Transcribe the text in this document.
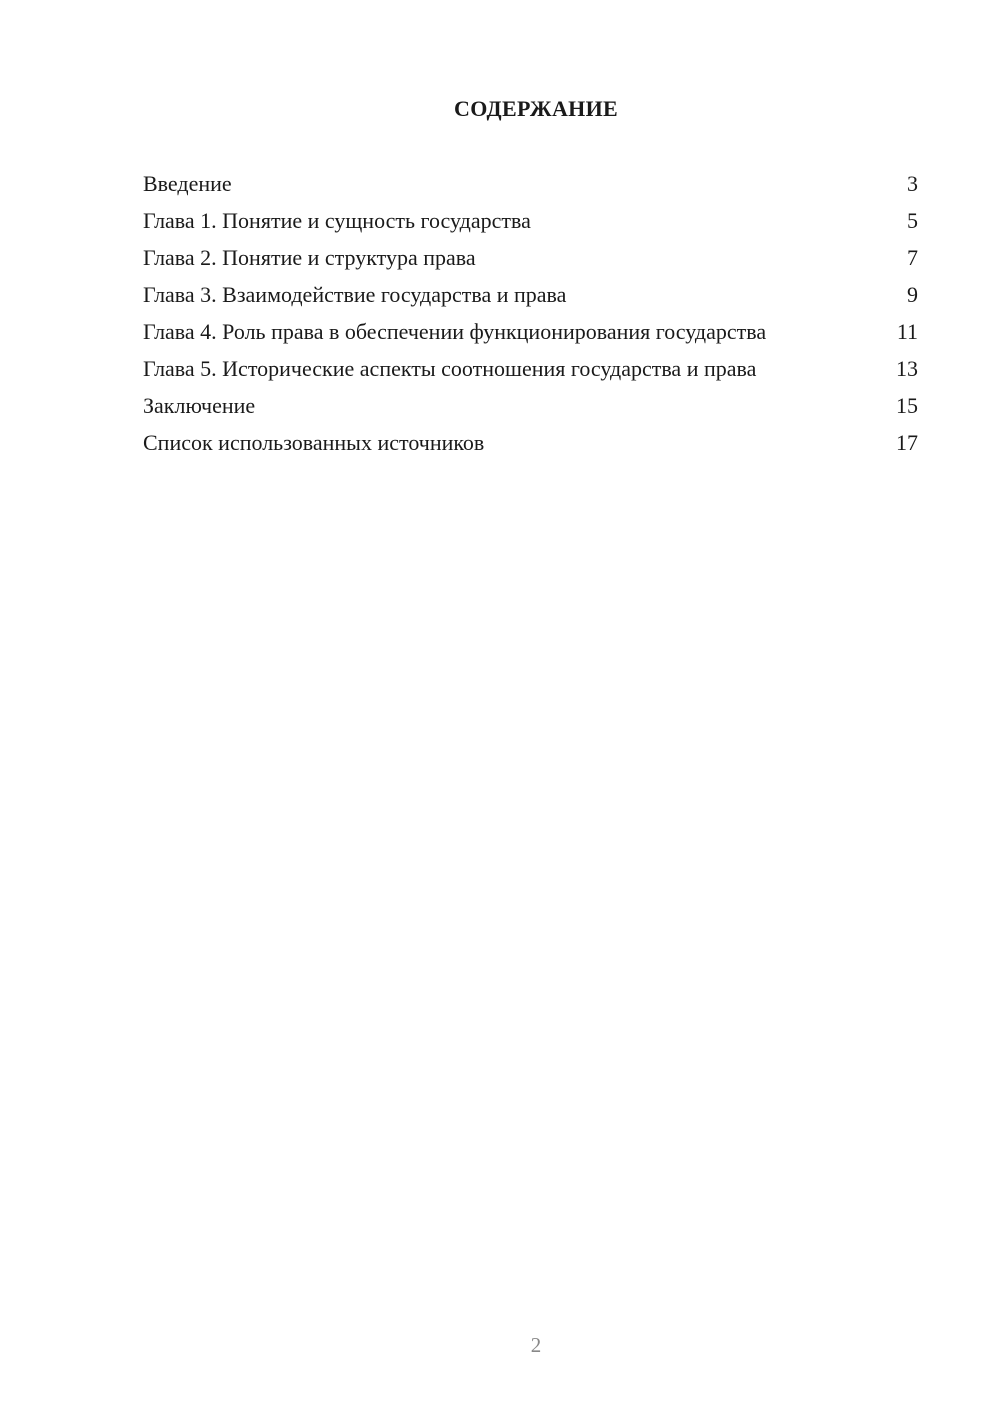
СОДЕРЖАНИЕ
Введение	3
Глава 1. Понятие и сущность государства	5
Глава 2. Понятие и структура права	7
Глава 3. Взаимодействие государства и права	9
Глава 4. Роль права в обеспечении функционирования государства	11
Глава 5. Исторические аспекты соотношения государства и права	13
Заключение	15
Список использованных источников	17
2
